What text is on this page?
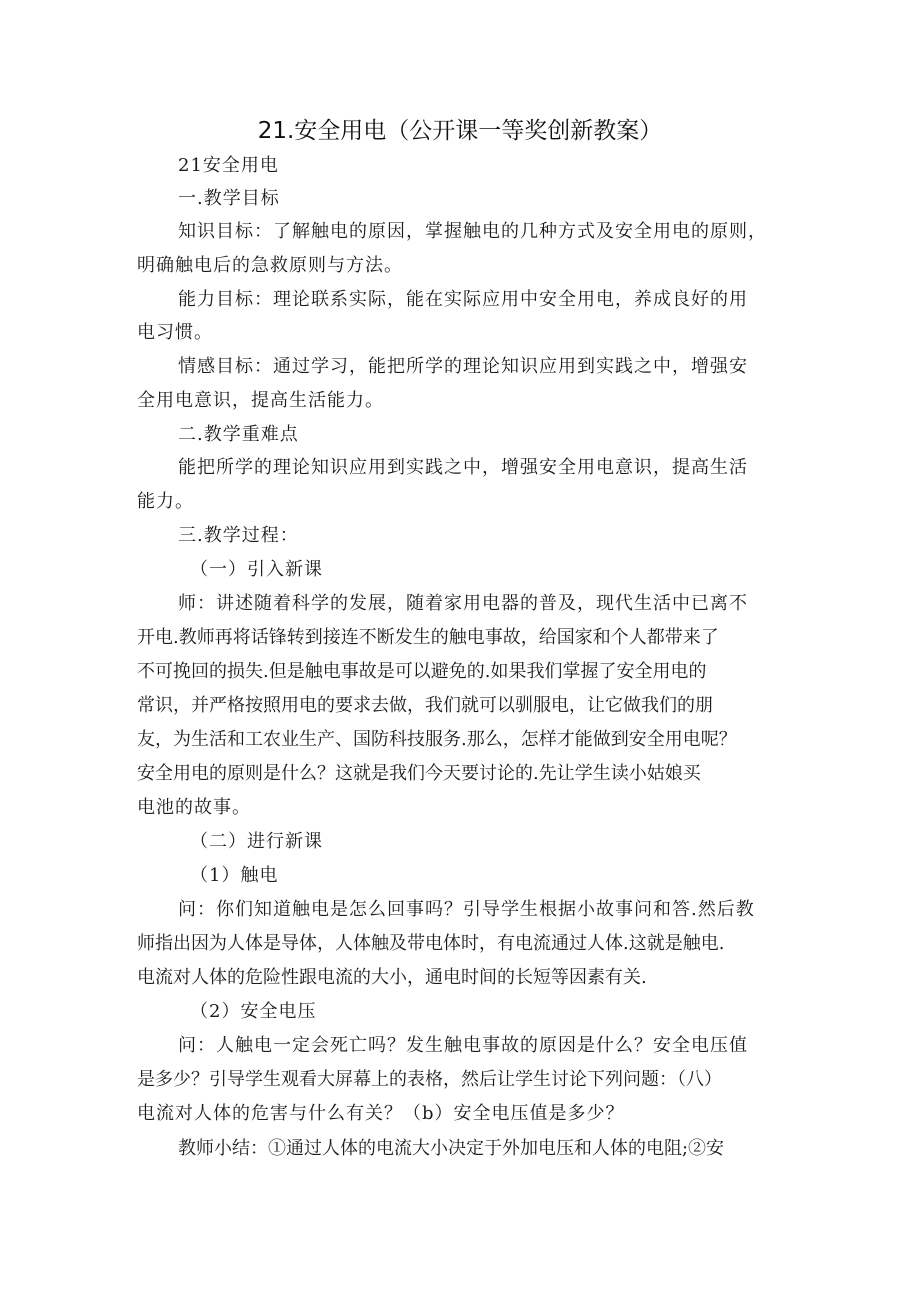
21.安全用电（公开课一等奖创新教案）
21安全用电
一.教学目标
知识目标：了解触电的原因，掌握触电的几种方式及安全用电的原则，
明确触电后的急救原则与方法。
能力目标：理论联系实际，能在实际应用中安全用电，养成良好的用
电习惯。
情感目标：通过学习，能把所学的理论知识应用到实践之中，增强安
全用电意识，提高生活能力。
二.教学重难点
能把所学的理论知识应用到实践之中，增强安全用电意识，提高生活
能力。
三.教学过程：
（一）引入新课
师：讲述随着科学的发展，随着家用电器的普及，现代生活中已离不
开电.教师再将话锋转到接连不断发生的触电事故，给国家和个人都带来了
不可挽回的损失.但是触电事故是可以避免的.如果我们掌握了安全用电的
常识，并严格按照用电的要求去做，我们就可以驯服电，让它做我们的朋
友，为生活和工农业生产、国防科技服务.那么，怎样才能做到安全用电呢？
安全用电的原则是什么？这就是我们今天要讨论的.先让学生读小姑娘买
电池的故事。
（二）进行新课
（1）触电
问：你们知道触电是怎么回事吗？引导学生根据小故事问和答.然后教
师指出因为人体是导体，人体触及带电体时，有电流通过人体.这就是触电.
电流对人体的危险性跟电流的大小，通电时间的长短等因素有关.
（2）安全电压
问：人触电一定会死亡吗？发生触电事故的原因是什么？安全电压值
是多少？引导学生观看大屏幕上的表格，然后让学生讨论下列问题：（八）
电流对人体的危害与什么有关？（b）安全电压值是多少？
教师小结：①通过人体的电流大小决定于外加电压和人体的电阻;②安
